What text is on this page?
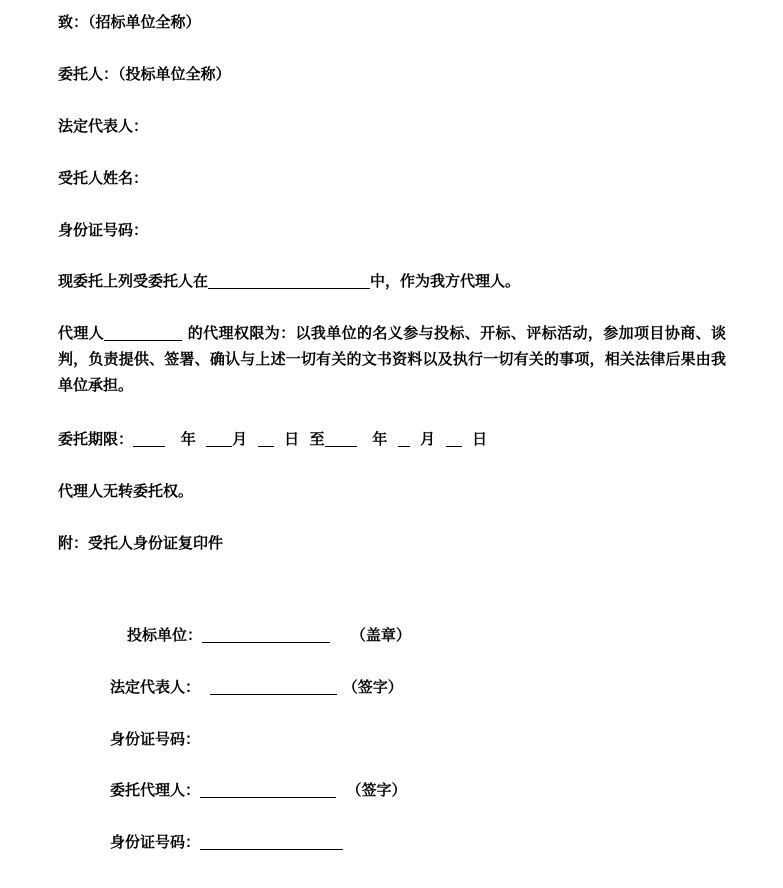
致：（招标单位全称）
委托人：（投标单位全称）
法定代表人：
受托人姓名：
身份证号码：
现委托上列受委托人在	中，作为我方代理人。
代理人	的代理权限为：以我单位的名义参与投标、开标、评标活动，参加项目协商、谈判，负责提供、签署、确认与上述一切有关的文书资料以及执行一切有关的事项，相关法律后果由我单位承担。
委托期限：	年 月 日 至	年 月 日
代理人无转委托权。
附：受托人身份证复印件
投标单位：	（盖章）
法定代表人：	（签字）
身份证号码：
委托代理人：	（签字）
身份证号码：
